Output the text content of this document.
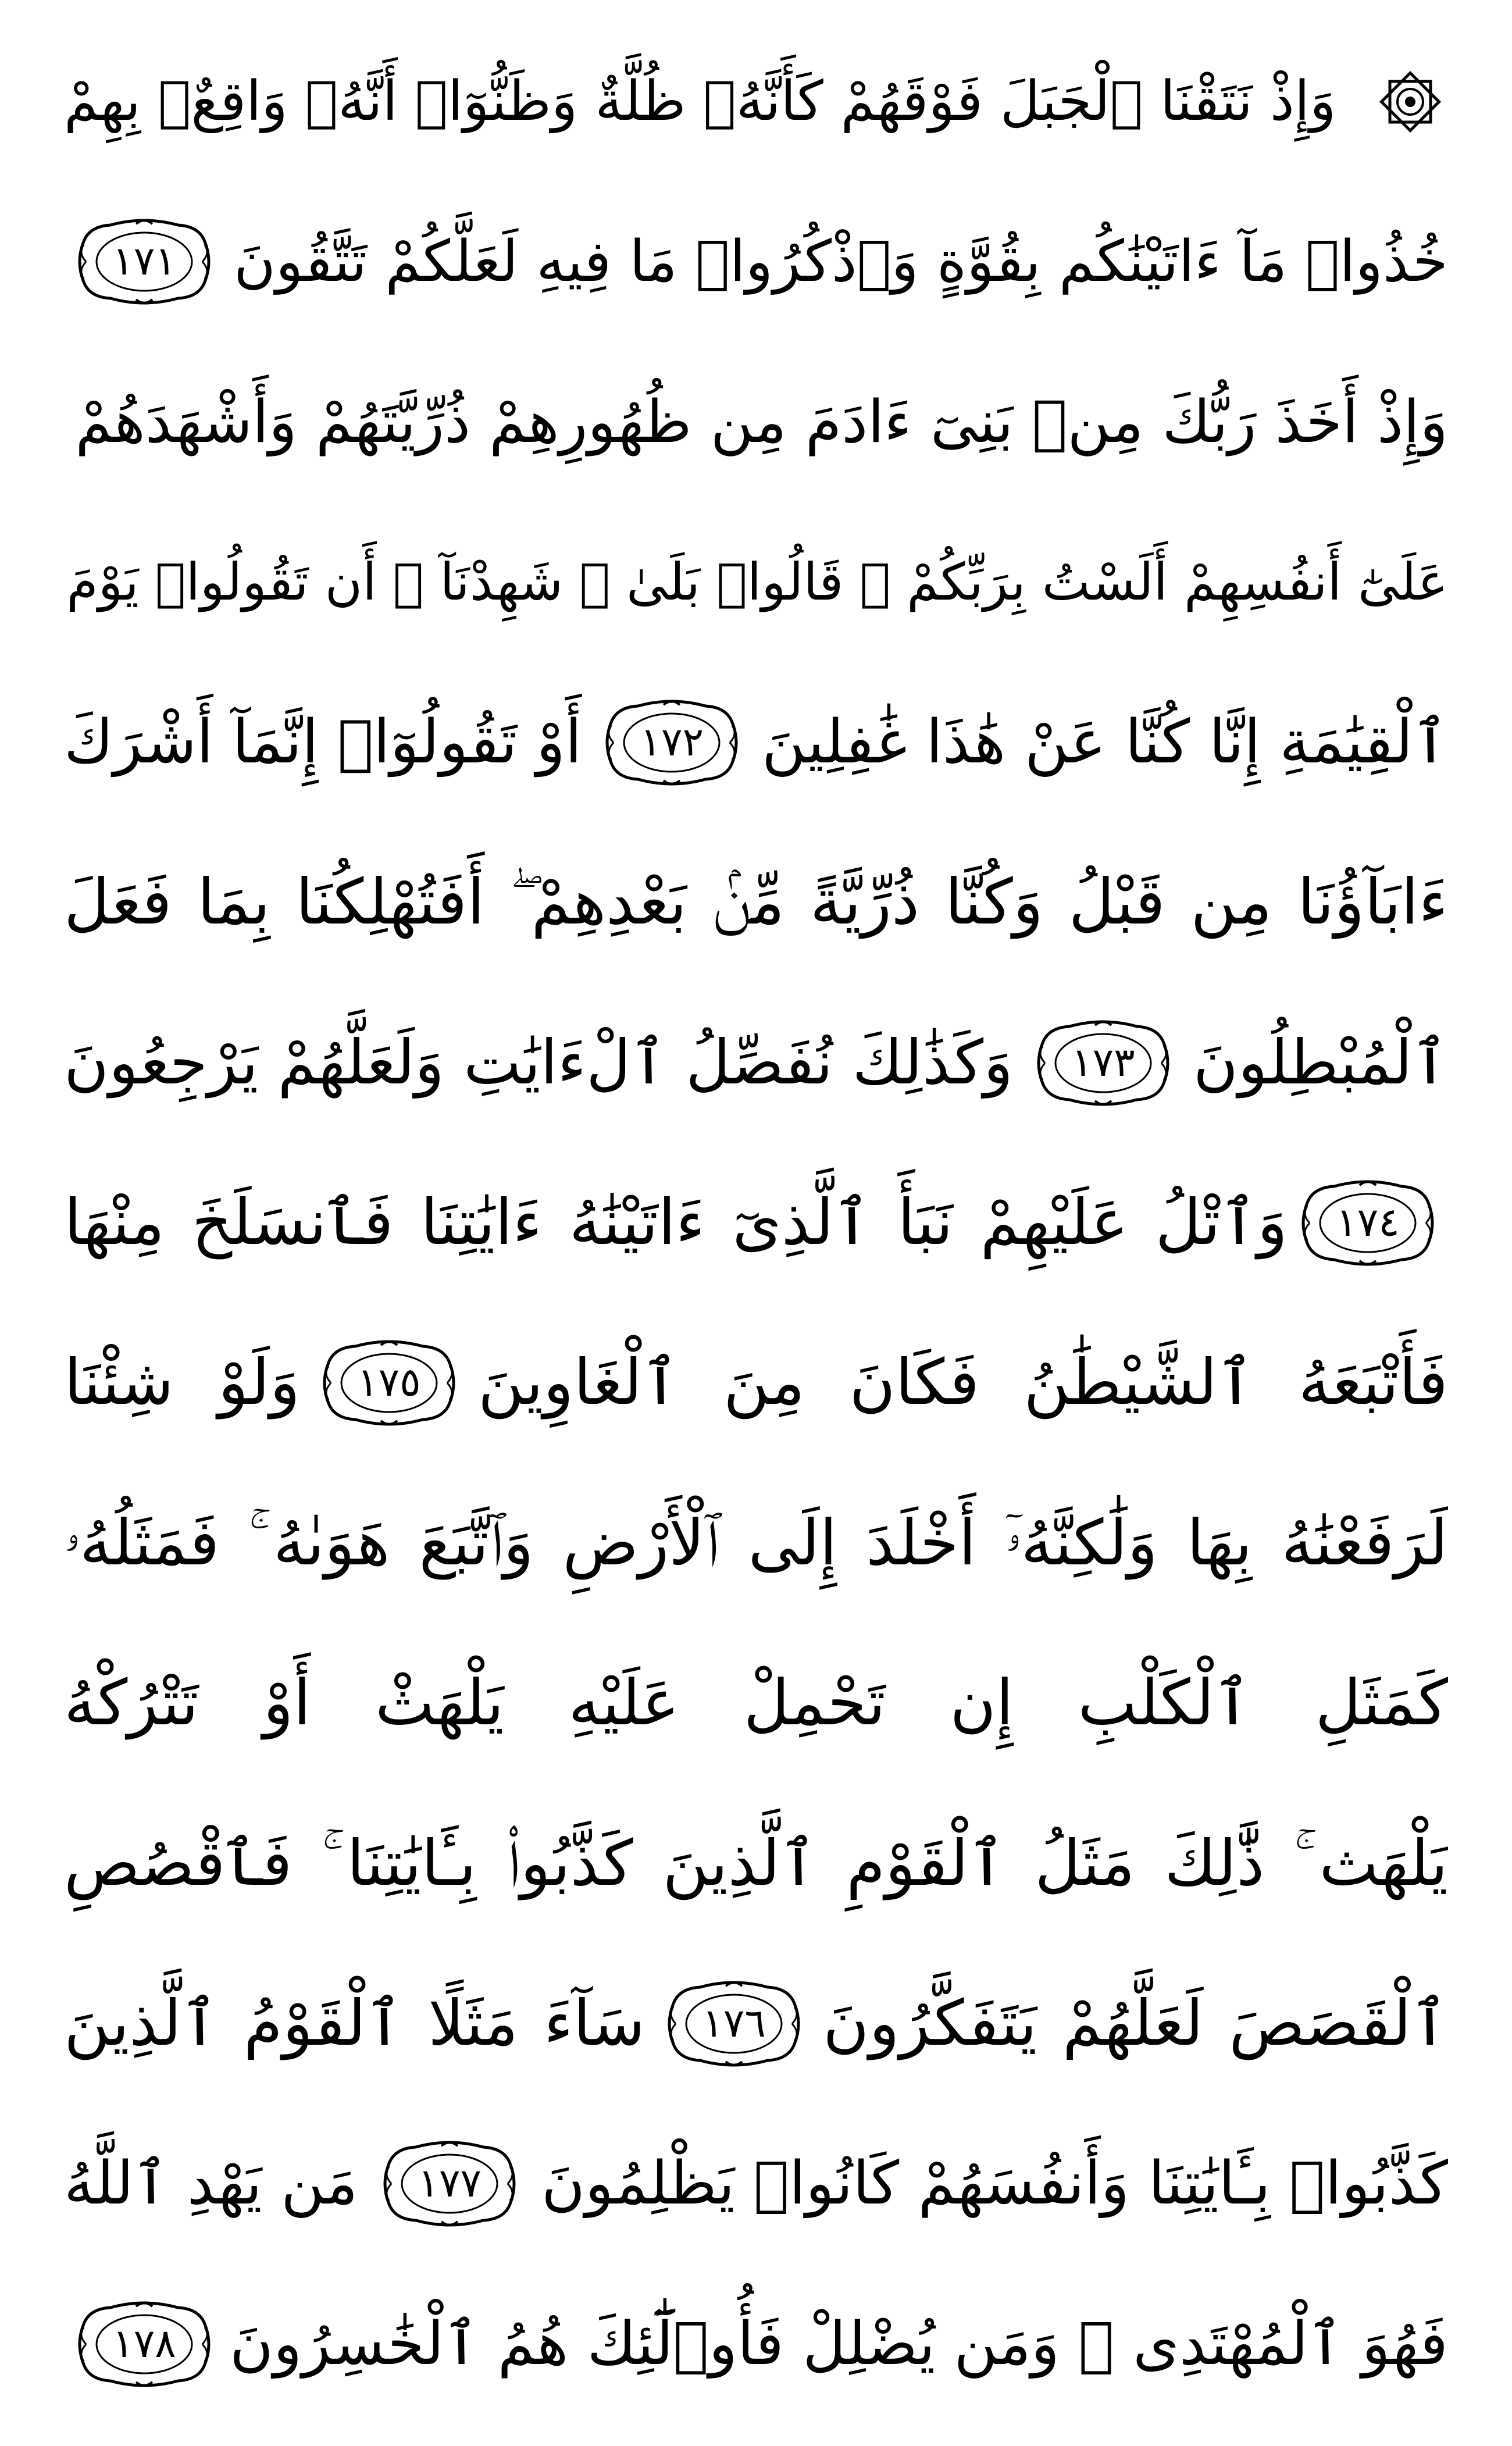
وَإِذْ نَتَقْنَا ٱلْجَبَلَ فَوْقَهُمْ كَأَنَّهُۥ ظُلَّةٌ وَظَنُّوٓا۟ أَنَّهُۥ وَاقِعٌۢ بِهِمْ
خُذُوا۟ مَآ ءَاتَيْنَٰكُم بِقُوَّةٍ وَٱذْكُرُوا۟ مَا فِيهِ لَعَلَّكُمْ تَتَّقُونَ
١٧١
وَإِذْ أَخَذَ رَبُّكَ مِنۢ بَنِىٓ ءَادَمَ مِن ظُهُورِهِمْ ذُرِّيَّتَهُمْ وَأَشْهَدَهُمْ
عَلَىٰٓ أَنفُسِهِمْ أَلَسْتُ بِرَبِّكُمْ ۖ قَالُوا۟ بَلَىٰ ۛ شَهِدْنَآ ۛ أَن تَقُولُوا۟ يَوْمَ
ٱلْقِيَٰمَةِ إِنَّا كُنَّا عَنْ هَٰذَا غَٰفِلِينَ
١٧٢
أَوْ تَقُولُوٓا۟ إِنَّمَآ أَشْرَكَ
ءَابَآؤُنَا مِن قَبْلُ وَكُنَّا ذُرِّيَّةً مِّنۢ بَعْدِهِمْ ۖ أَفَتُهْلِكُنَا بِمَا فَعَلَ
ٱلْمُبْطِلُونَ
١٧٣
وَكَذَٰلِكَ نُفَصِّلُ ٱلْءَايَٰتِ وَلَعَلَّهُمْ يَرْجِعُونَ
١٧٤
وَٱتْلُ عَلَيْهِمْ نَبَأَ ٱلَّذِىٓ ءَاتَيْنَٰهُ ءَايَٰتِنَا فَٱنسَلَخَ مِنْهَا
فَأَتْبَعَهُ ٱلشَّيْطَٰنُ فَكَانَ مِنَ ٱلْغَاوِينَ
١٧٥
وَلَوْ شِئْنَا
لَرَفَعْنَٰهُ بِهَا وَلَٰكِنَّهُۥٓ أَخْلَدَ إِلَى ٱلْأَرْضِ وَٱتَّبَعَ هَوَىٰهُ ۚ فَمَثَلُهُۥ
كَمَثَلِ ٱلْكَلْبِ إِن تَحْمِلْ عَلَيْهِ يَلْهَثْ أَوْ تَتْرُكْهُ
يَلْهَث ۚ ذَّٰلِكَ مَثَلُ ٱلْقَوْمِ ٱلَّذِينَ كَذَّبُوا۟ بِـَٔايَٰتِنَا ۚ فَٱقْصُصِ
ٱلْقَصَصَ لَعَلَّهُمْ يَتَفَكَّرُونَ
١٧٦
سَآءَ مَثَلًا ٱلْقَوْمُ ٱلَّذِينَ
كَذَّبُوا۟ بِـَٔايَٰتِنَا وَأَنفُسَهُمْ كَانُوا۟ يَظْلِمُونَ
١٧٧
مَن يَهْدِ ٱللَّهُ
فَهُوَ ٱلْمُهْتَدِى ۖ وَمَن يُضْلِلْ فَأُو۟لَٰٓئِكَ هُمُ ٱلْخَٰسِرُونَ
١٧٨
